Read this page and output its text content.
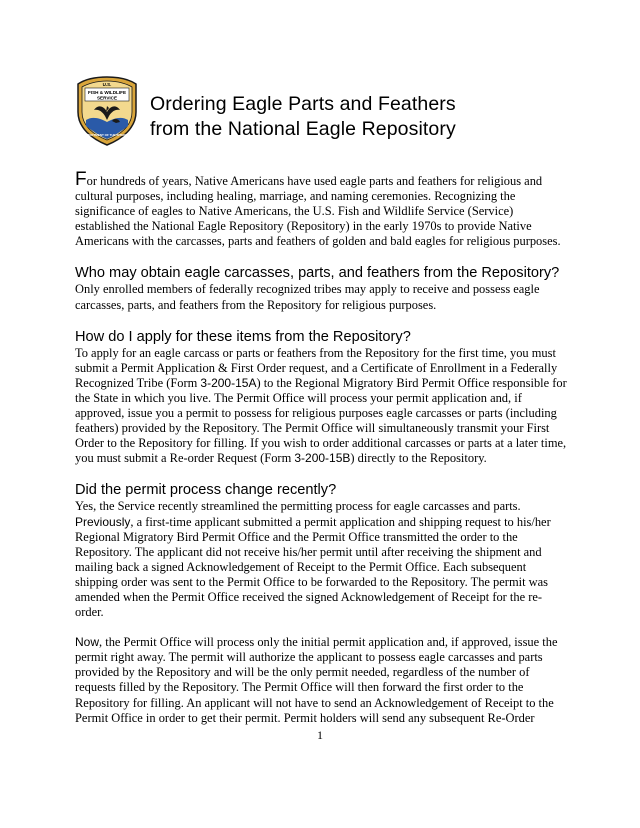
U.S.
FISH & WILDLIFE
SERVICE
DEPARTMENT OF THE INTERIOR
Ordering Eagle Parts and Feathers
from the National Eagle Repository

For hundreds of years, Native Americans have used eagle parts and feathers for religious and cultural purposes, including healing, marriage, and naming ceremonies. Recognizing the significance of eagles to Native Americans, the U.S. Fish and Wildlife Service (Service) established the National Eagle Repository (Repository) in the early 1970s to provide Native Americans with the carcasses, parts and feathers of golden and bald eagles for religious purposes.

Who may obtain eagle carcasses, parts, and feathers from the Repository?

Only enrolled members of federally recognized tribes may apply to receive and possess eagle carcasses, parts, and feathers from the Repository for religious purposes.

How do I apply for these items from the Repository?

To apply for an eagle carcass or parts or feathers from the Repository for the first time, you must submit a Permit Application & First Order request, and a Certificate of Enrollment in a Federally Recognized Tribe (Form 3-200-15A) to the Regional Migratory Bird Permit Office responsible for the State in which you live. The Permit Office will process your permit application and, if approved, issue you a permit to possess for religious purposes eagle carcasses or parts (including feathers) provided by the Repository. The Permit Office will simultaneously transmit your First Order to the Repository for filling. If you wish to order additional carcasses or parts at a later time, you must submit a Re-order Request (Form 3-200-15B) directly to the Repository.

Did the permit process change recently?

Yes, the Service recently streamlined the permitting process for eagle carcasses and parts. Previously, a first-time applicant submitted a permit application and shipping request to his/her Regional Migratory Bird Permit Office and the Permit Office transmitted the order to the Repository. The applicant did not receive his/her permit until after receiving the shipment and mailing back a signed Acknowledgement of Receipt to the Permit Office. Each subsequent shipping order was sent to the Permit Office to be forwarded to the Repository. The permit was amended when the Permit Office received the signed Acknowledgement of Receipt for the re-order.

Now, the Permit Office will process only the initial permit application and, if approved, issue the permit right away. The permit will authorize the applicant to possess eagle carcasses and parts provided by the Repository and will be the only permit needed, regardless of the number of requests filled by the Repository. The Permit Office will then forward the first order to the Repository for filling. An applicant will not have to send an Acknowledgement of Receipt to the Permit Office in order to get their permit. Permit holders will send any subsequent Re-Order

1
